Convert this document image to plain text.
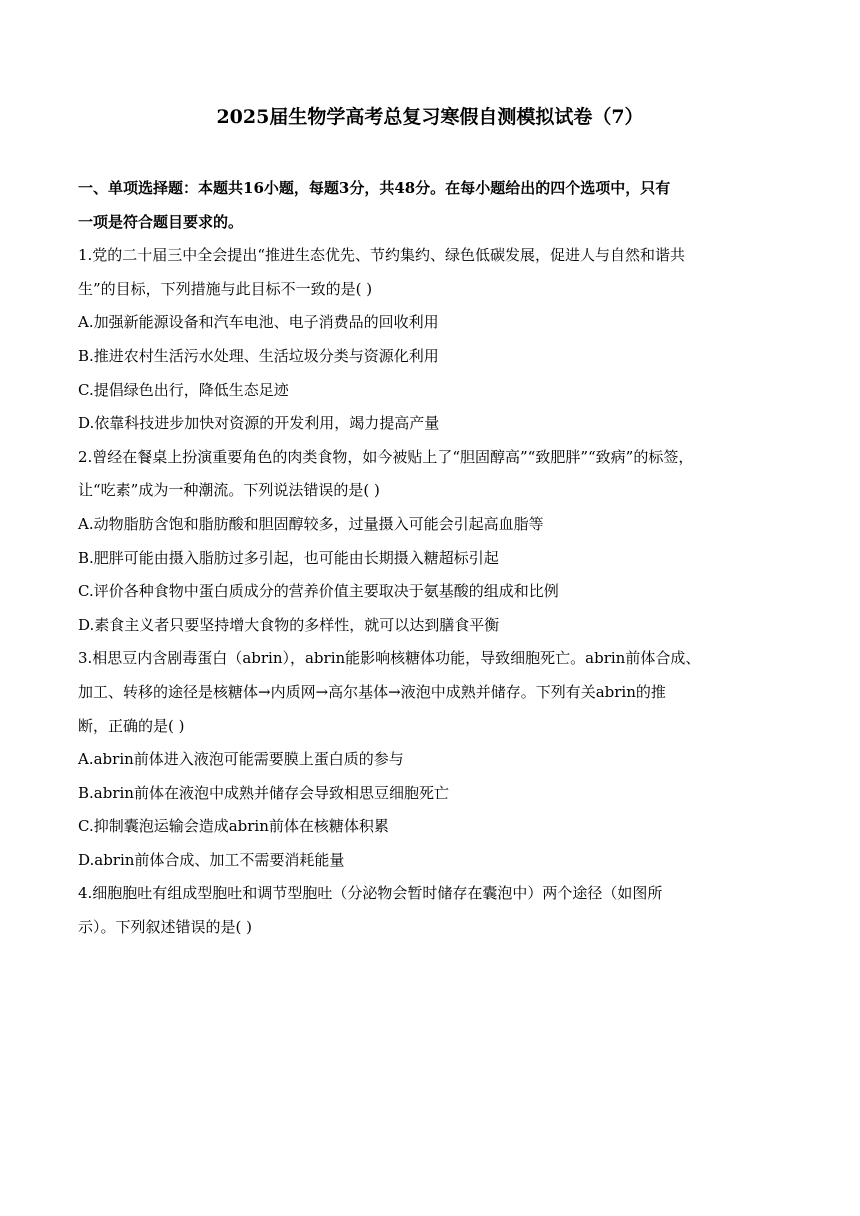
2025届生物学高考总复习寒假自测模拟试卷（7）
一、单项选择题：本题共16小题，每题3分，共48分。在每小题给出的四个选项中，只有
一项是符合题目要求的。
1.党的二十届三中全会提出“推进生态优先、节约集约、绿色低碳发展，促进人与自然和谐共
生”的目标，下列措施与此目标不一致的是( )
A.加强新能源设备和汽车电池、电子消费品的回收利用
B.推进农村生活污水处理、生活垃圾分类与资源化利用
C.提倡绿色出行，降低生态足迹
D.依靠科技进步加快对资源的开发利用，竭力提高产量
2.曾经在餐桌上扮演重要角色的肉类食物，如今被贴上了“胆固醇高”“致肥胖”“致病”的标签，
让“吃素”成为一种潮流。下列说法错误的是( )
A.动物脂肪含饱和脂肪酸和胆固醇较多，过量摄入可能会引起高血脂等
B.肥胖可能由摄入脂肪过多引起，也可能由长期摄入糖超标引起
C.评价各种食物中蛋白质成分的营养价值主要取决于氨基酸的组成和比例
D.素食主义者只要坚持增大食物的多样性，就可以达到膳食平衡
3.相思豆内含剧毒蛋白（abrin），abrin能影响核糖体功能，导致细胞死亡。abrin前体合成、
加工、转移的途径是核糖体→内质网→高尔基体→液泡中成熟并储存。下列有关abrin的推
断，正确的是( )
A.abrin前体进入液泡可能需要膜上蛋白质的参与
B.abrin前体在液泡中成熟并储存会导致相思豆细胞死亡
C.抑制囊泡运输会造成abrin前体在核糖体积累
D.abrin前体合成、加工不需要消耗能量
4.细胞胞吐有组成型胞吐和调节型胞吐（分泌物会暂时储存在囊泡中）两个途径（如图所
示）。下列叙述错误的是( )
